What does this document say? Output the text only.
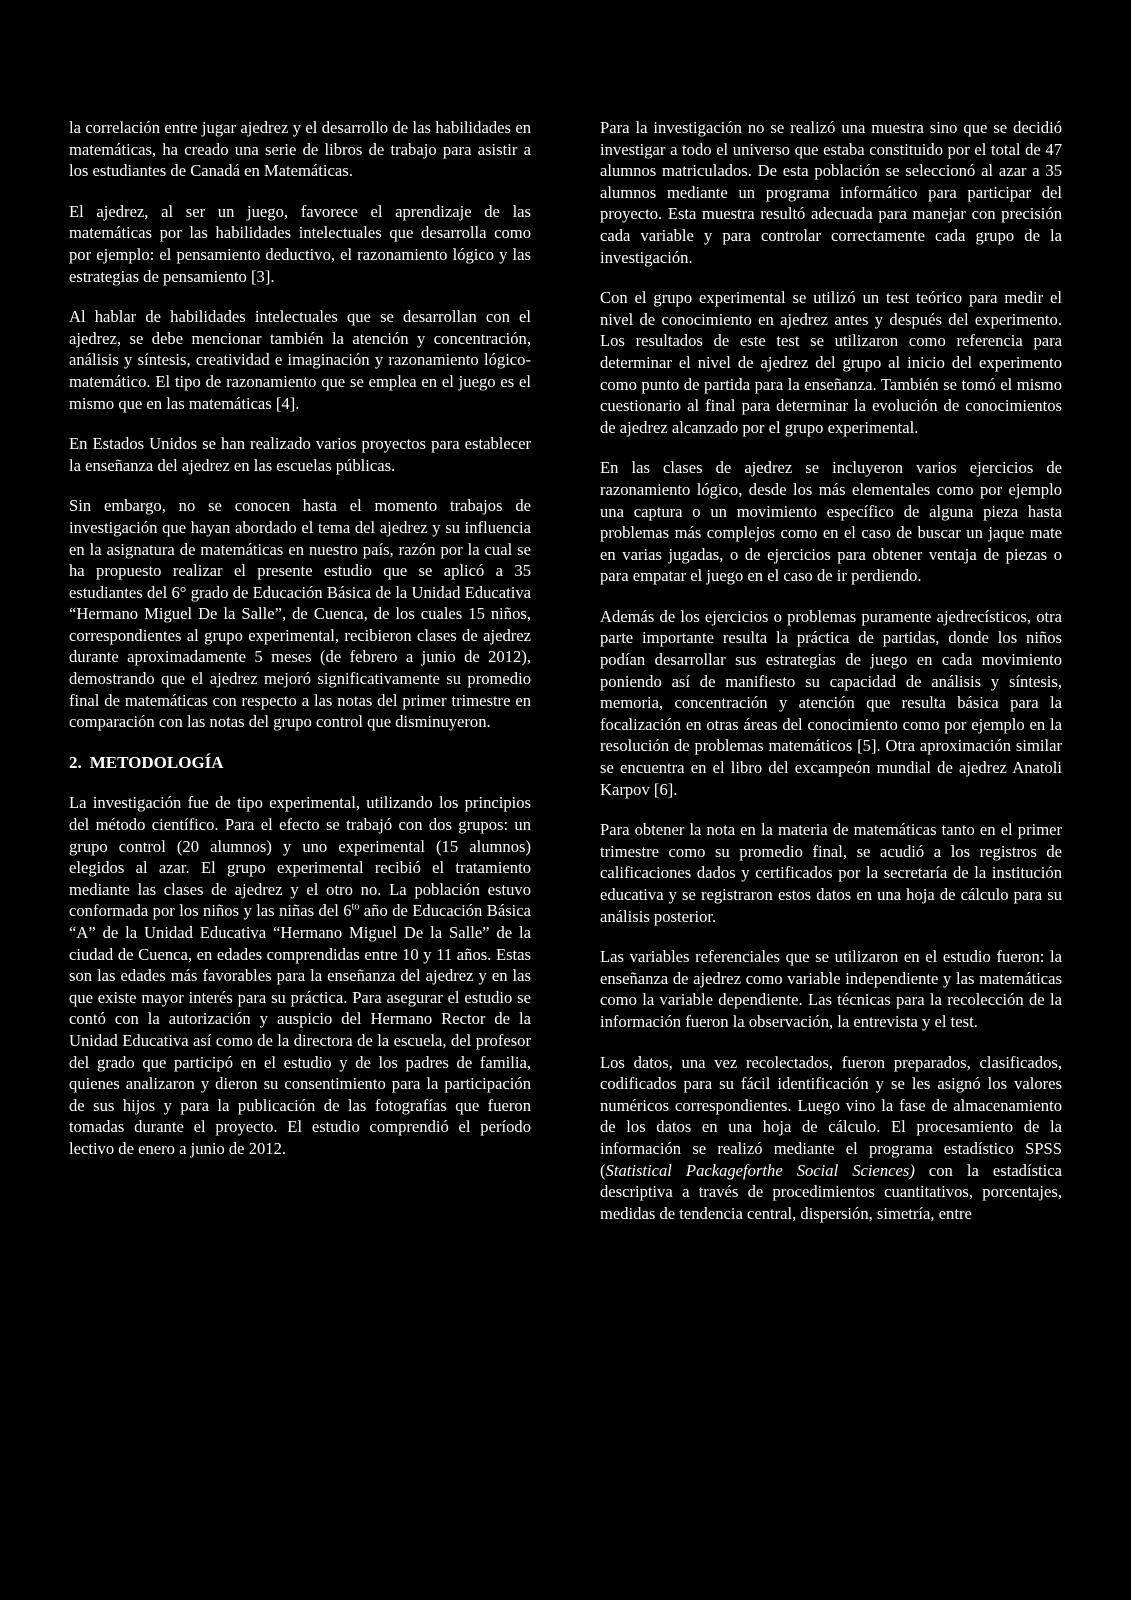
la correlación entre jugar ajedrez y el desarrollo de las habilidades en matemáticas, ha creado una serie de libros de trabajo para asistir a los estudiantes de Canadá en Matemáticas.

El ajedrez, al ser un juego, favorece el aprendizaje de las matemáticas por las habilidades intelectuales que desarrolla como por ejemplo: el pensamiento deductivo, el razonamiento lógico y las estrategias de pensamiento [3].

Al hablar de habilidades intelectuales que se desarrollan con el ajedrez, se debe mencionar también la atención y concentración, análisis y síntesis, creatividad e imaginación y razonamiento lógico-matemático. El tipo de razonamiento que se emplea en el juego es el mismo que en las matemáticas [4].

En Estados Unidos se han realizado varios proyectos para establecer la enseñanza del ajedrez en las escuelas públicas.

Sin embargo, no se conocen hasta el momento trabajos de investigación que hayan abordado el tema del ajedrez y su influencia en la asignatura de matemáticas en nuestro país, razón por la cual se ha propuesto realizar el presente estudio que se aplicó a 35 estudiantes del 6° grado de Educación Básica de la Unidad Educativa “Hermano Miguel De la Salle”, de Cuenca, de los cuales 15 niños, correspondientes al grupo experimental, recibieron clases de ajedrez durante aproximadamente 5 meses (de febrero a junio de 2012), demostrando que el ajedrez mejoró significativamente su promedio final de matemáticas con respecto a las notas del primer trimestre en comparación con las notas del grupo control que disminuyeron.

2. METODOLOGÍA

La investigación fue de tipo experimental, utilizando los principios del método científico. Para el efecto se trabajó con dos grupos: un grupo control (20 alumnos) y uno experimental (15 alumnos) elegidos al azar. El grupo experimental recibió el tratamiento mediante las clases de ajedrez y el otro no. La población estuvo conformada por los niños y las niñas del $6^{to}$ año de Educación Básica “A” de la Unidad Educativa “Hermano Miguel De la Salle” de la ciudad de Cuenca, en edades comprendidas entre 10 y 11 años. Estas son las edades más favorables para la enseñanza del ajedrez y en las que existe mayor interés para su práctica. Para asegurar el estudio se contó con la autorización y auspicio del Hermano Rector de la Unidad Educativa así como de la directora de la escuela, del profesor del grado que participó en el estudio y de los padres de familia, quienes analizaron y dieron su consentimiento para la participación de sus hijos y para la publicación de las fotografías que fueron tomadas durante el proyecto. El estudio comprendió el período lectivo de enero a junio de 2012.

Para la investigación no se realizó una muestra sino que se decidió investigar a todo el universo que estaba constituido por el total de 47 alumnos matriculados. De esta población se seleccionó al azar a 35 alumnos mediante un programa informático para participar del proyecto. Esta muestra resultó adecuada para manejar con precisión cada variable y para controlar correctamente cada grupo de la investigación.

Con el grupo experimental se utilizó un test teórico para medir el nivel de conocimiento en ajedrez antes y después del experimento. Los resultados de este test se utilizaron como referencia para determinar el nivel de ajedrez del grupo al inicio del experimento como punto de partida para la enseñanza. También se tomó el mismo cuestionario al final para determinar la evolución de conocimientos de ajedrez alcanzado por el grupo experimental.

En las clases de ajedrez se incluyeron varios ejercicios de razonamiento lógico, desde los más elementales como por ejemplo una captura o un movimiento específico de alguna pieza hasta problemas más complejos como en el caso de buscar un jaque mate en varias jugadas, o de ejercicios para obtener ventaja de piezas o para empatar el juego en el caso de ir perdiendo.

Además de los ejercicios o problemas puramente ajedrecísticos, otra parte importante resulta la práctica de partidas, donde los niños podían desarrollar sus estrategias de juego en cada movimiento poniendo así de manifiesto su capacidad de análisis y síntesis, memoria, concentración y atención que resulta básica para la focalización en otras áreas del conocimiento como por ejemplo en la resolución de problemas matemáticos [5]. Otra aproximación similar se encuentra en el libro del excampeón mundial de ajedrez Anatoli Karpov [6].

Para obtener la nota en la materia de matemáticas tanto en el primer trimestre como su promedio final, se acudió a los registros de calificaciones dados y certificados por la secretaría de la institución educativa y se registraron estos datos en una hoja de cálculo para su análisis posterior.

Las variables referenciales que se utilizaron en el estudio fueron: la enseñanza de ajedrez como variable independiente y las matemáticas como la variable dependiente. Las técnicas para la recolección de la información fueron la observación, la entrevista y el test.

Los datos, una vez recolectados, fueron preparados, clasificados, codificados para su fácil identificación y se les asignó los valores numéricos correspondientes. Luego vino la fase de almacenamiento de los datos en una hoja de cálculo. El procesamiento de la información se realizó mediante el programa estadístico SPSS (Statistical Packageforthe Social Sciences) con la estadística descriptiva a través de procedimientos cuantitativos, porcentajes, medidas de tendencia central, dispersión, simetría, entre
